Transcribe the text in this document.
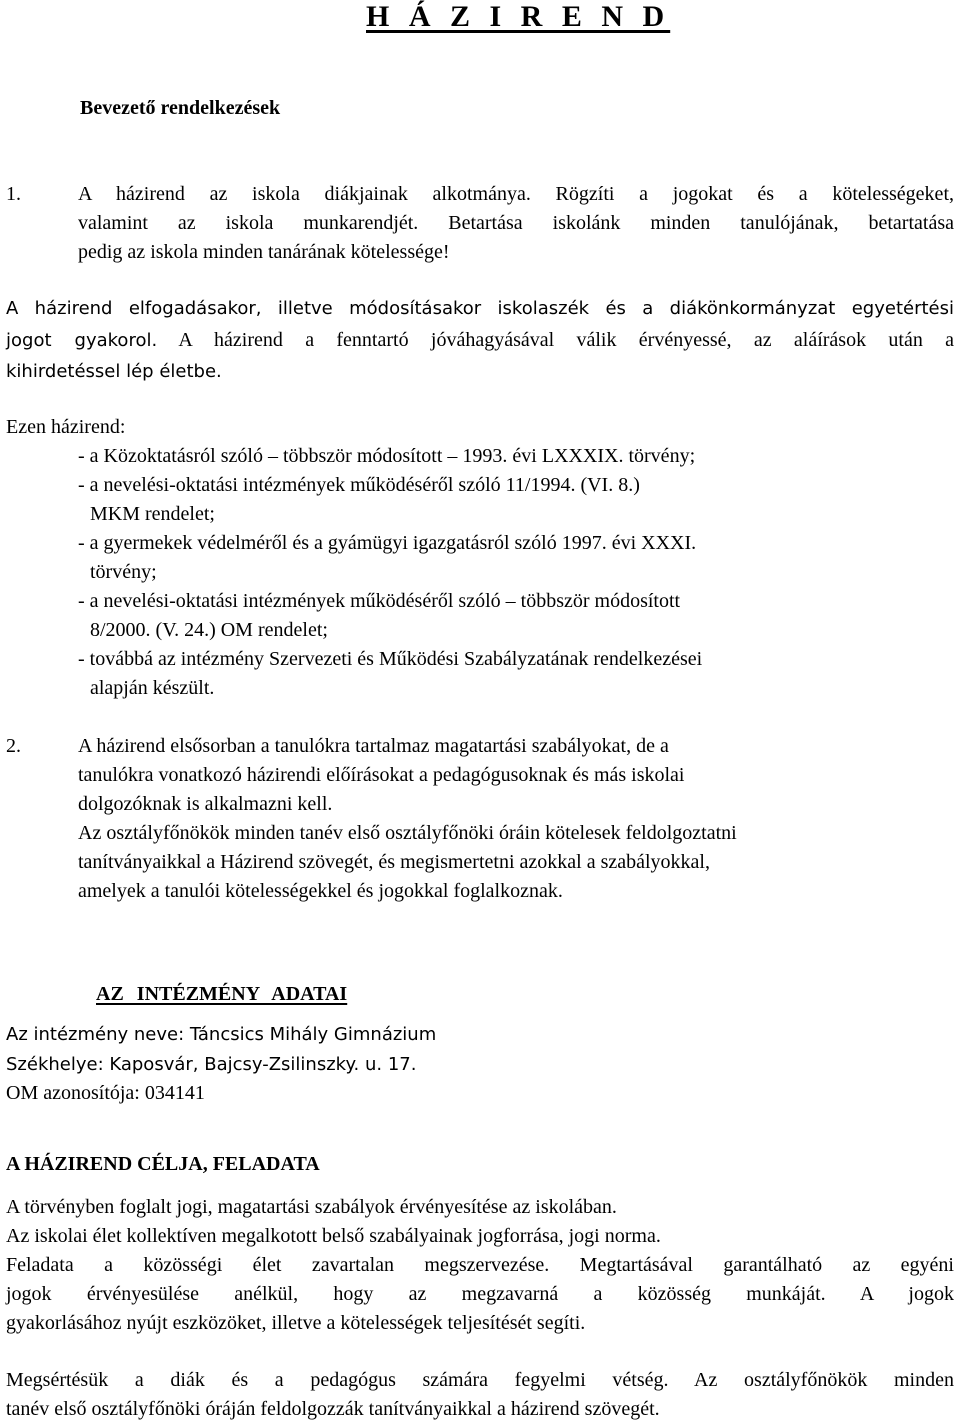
H Á Z I R E N D
Bevezető rendelkezések
1.	A házirend az iskola diákjainak alkotmánya. Rögzíti a jogokat és a kötelességeket,
valamint az iskola munkarendjét. Betartása iskolánk minden tanulójának, betartatása
pedig az iskola minden tanárának kötelessége!
A házirend elfogadásakor, illetve módosításakor iskolaszék és a diákönkormányzat egyetértési
jogot gyakorol. A házirend a fenntartó jóváhagyásával válik érvényessé, az aláírások után a
kihirdetéssel lép életbe.
Ezen házirend:
- a Közoktatásról szóló – többször módosított – 1993. évi LXXXIX. törvény;
- a nevelési-oktatási intézmények működéséről szóló 11/1994. (VI. 8.)
MKM rendelet;
- a gyermekek védelméről és a gyámügyi igazgatásról szóló 1997. évi XXXI.
törvény;
- a nevelési-oktatási intézmények működéséről szóló – többször módosított
8/2000. (V. 24.) OM rendelet;
- továbbá az intézmény Szervezeti és Működési Szabályzatának rendelkezései
alapján készült.
2.	A házirend elsősorban a tanulókra tartalmaz magatartási szabályokat, de a
tanulókra vonatkozó házirendi előírásokat a pedagógusoknak és más iskolai
dolgozóknak is alkalmazni kell.
Az osztályfőnökök minden tanév első osztályfőnöki óráin kötelesek feldolgoztatni
tanítványaikkal a Házirend szövegét, és megismertetni azokkal a szabályokkal,
amelyek a tanulói kötelességekkel és jogokkal foglalkoznak.
AZ INTÉZMÉNY ADATAI
Az intézmény neve: Táncsics Mihály Gimnázium
Székhelye: Kaposvár, Bajcsy-Zsilinszky. u. 17.
OM azonosítója: 034141
A HÁZIREND CÉLJA, FELADATA
A törvényben foglalt jogi, magatartási szabályok érvényesítése az iskolában.
Az iskolai élet kollektíven megalkotott belső szabályainak jogforrása, jogi norma.
Feladata a közösségi élet zavartalan megszervezése. Megtartásával garantálható az egyéni
jogok érvényesülése anélkül, hogy az megzavarná a közösség munkáját. A jogok
gyakorlásához nyújt eszközöket, illetve a kötelességek teljesítését segíti.
Megsértésük a diák és a pedagógus számára fegyelmi vétség. Az osztályfőnökök minden
tanév első osztályfőnöki óráján feldolgozzák tanítványaikkal a házirend szövegét.
